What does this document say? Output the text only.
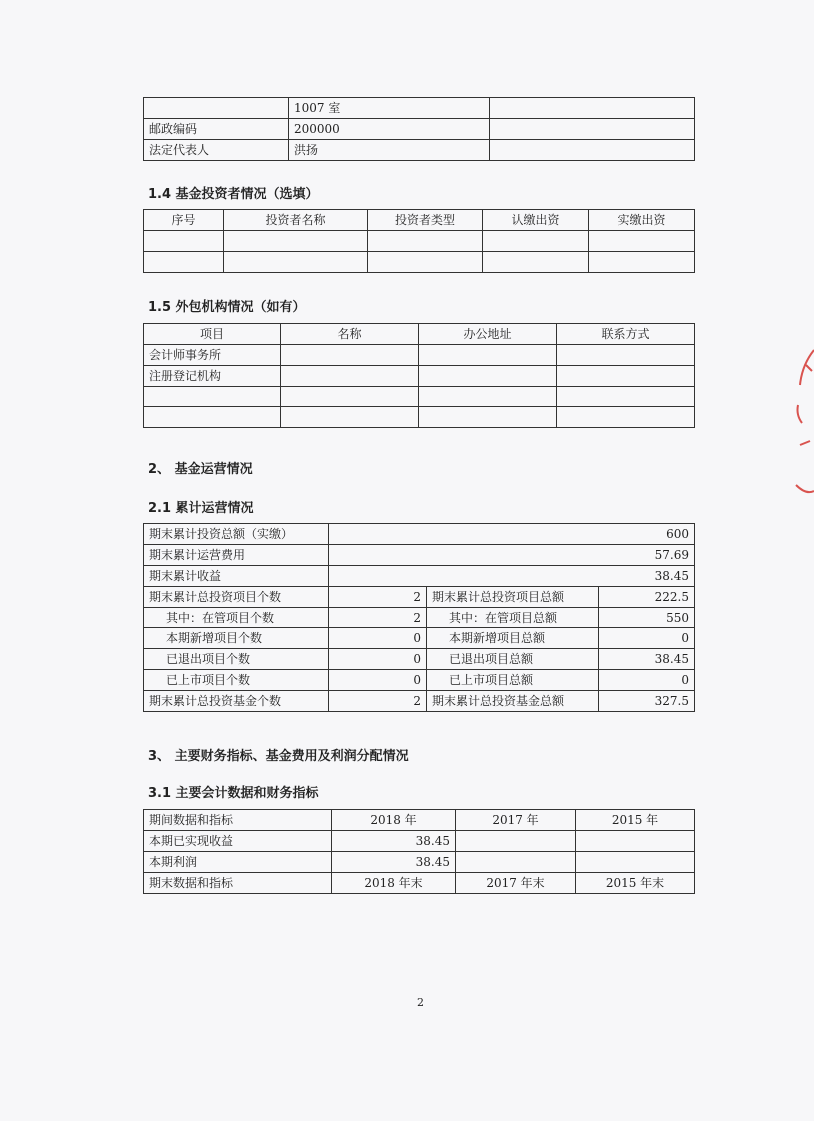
	1007 室	
邮政编码	200000	
法定代表人	洪扬	
1.4 基金投资者情况（选填）
序号	投资者名称	投资者类型	认缴出资	实缴出资

1.5 外包机构情况（如有）
项目	名称	办公地址	联系方式
会计师事务所			
注册登记机构			

2、 基金运营情况
2.1 累计运营情况
期末累计投资总额（实缴）	600		
期末累计运营费用	57.69		
期末累计收益	38.45		
期末累计总投资项目个数	2	期末累计总投资项目总额	222.5
其中：在管项目个数	2	其中：在管项目总额	550
本期新增项目个数	0	本期新增项目总额	0
已退出项目个数	0	已退出项目总额	38.45
已上市项目个数	0	已上市项目总额	0
期末累计总投资基金个数	2	期末累计总投资基金总额	327.5
3、 主要财务指标、基金费用及利润分配情况
3.1 主要会计数据和财务指标
期间数据和指标	2018 年	2017 年	2015 年
本期已实现收益	38.45		
本期利润	38.45		
期末数据和指标	2018 年末	2017 年末	2015 年末
2
